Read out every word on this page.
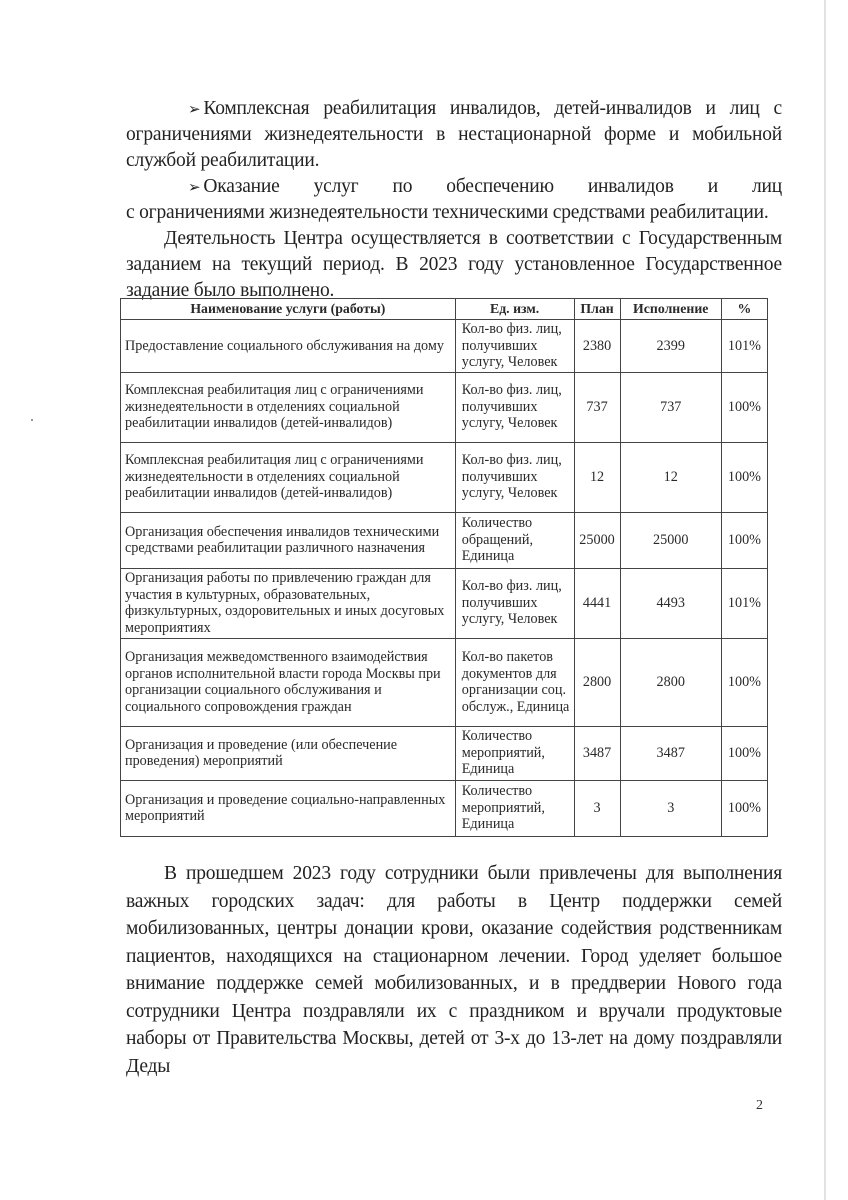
➢ Комплексная реабилитация инвалидов, детей-инвалидов и лиц с ограничениями жизнедеятельности в нестационарной форме и мобильной службой реабилитации.

➢ Оказание услуг по обеспечению инвалидов и лиц
с ограничениями жизнедеятельности техническими средствами реабилитации.

Деятельность Центра осуществляется в соответствии с Государственным заданием на текущий период. В 2023 году установленное Государственное задание было выполнено.

Наименование услуги (работы)	Ед. изм.	План	Исполнение	%
Предоставление социального обслуживания на дому	Кол-во физ. лиц, получивших услугу, Человек	2380	2399	101%
Комплексная реабилитация лиц с ограничениями жизнедеятельности в отделениях социальной реабилитации инвалидов (детей-инвалидов)	Кол-во физ. лиц, получивших услугу, Человек	737	737	100%
Комплексная реабилитация лиц с ограничениями жизнедеятельности в отделениях социальной реабилитации инвалидов (детей-инвалидов)	Кол-во физ. лиц, получивших услугу, Человек	12	12	100%
Организация обеспечения инвалидов техническими средствами реабилитации различного назначения	Количество обращений, Единица	25000	25000	100%
Организация работы по привлечению граждан для участия в культурных, образовательных, физкультурных, оздоровительных и иных досуговых мероприятиях	Кол-во физ. лиц, получивших услугу, Человек	4441	4493	101%
Организация межведомственного взаимодействия органов исполнительной власти города Москвы при организации социального обслуживания и социального сопровождения граждан	Кол-во пакетов документов для организации соц. обслуж., Единица	2800	2800	100%
Организация и проведение (или обеспечение проведения) мероприятий	Количество мероприятий, Единица	3487	3487	100%
Организация и проведение социально-направленных мероприятий	Количество мероприятий, Единица	3	3	100%

В прошедшем 2023 году сотрудники были привлечены для выполнения важных городских задач: для работы в Центр поддержки семей мобилизованных, центры донации крови, оказание содействия родственникам пациентов, находящихся на стационарном лечении. Город уделяет большое внимание поддержке семей мобилизованных, и в преддверии Нового года сотрудники Центра поздравляли их с праздником и вручали продуктовые наборы от Правительства Москвы, детей от 3-х до 13-лет на дому поздравляли Деды

2
